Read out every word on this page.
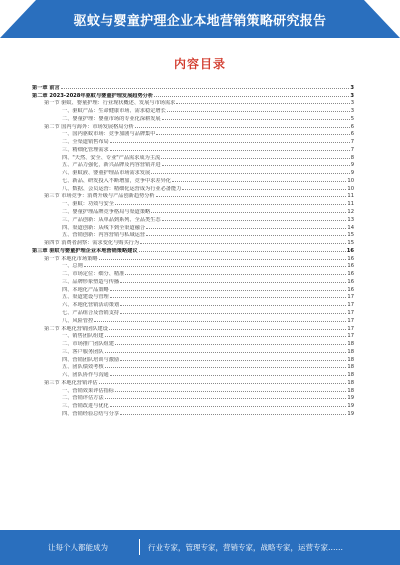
驱蚊与婴童护理企业本地营销策略研究报告
内容目录
第一章 前言	3
第二章 2023-2028年驱蚊与婴童护理发展趋势分析	3
第一节 驱蚊、婴童护理：行业现状概述、发展与市场需求	3
一、驱蚊产品：生命健康市场、需求稳定增长	3
二、婴童护理：婴童市场的专业化深耕发展	5
第二节 国内与海外：市场发展格局分析	6
一、国内驱蚊市场：竞争加剧与品牌集中	6
二、全渠道销售布局	7
三、精细化管理需求	7
四、"天然、安全、专业"产品需求成为主流	8
五、产品力强化，新兴品牌及内容营销并进	9
六、驱蚊液、婴童护理品市场需求发展	9
七、新品、研发投入不断增加，竞争中求差异化	10
八、数据、会员运营：精细化运营成为行业必备能力	10
第三节 市场竞争：消费升级与产品创新趋势分析	11
一、驱蚊：功效与安全	11
二、婴童护理品牌竞争格局与渠道策略	12
三、产品创新：从单品到系列、全品类生态	13
四、渠道创新：从线下到全渠道融合	14
五、营销创新：内容营销与私域运营	15
第四节 消费者洞察：需求变化与购买行为	15
第三章 驱蚊与婴童护理企业本地营销策略建议	16
第一节 本地化市场策略	16
一、总则	16
二、市场定位：细分、精准	16
三、品牌形象塑造与传播	16
四、本地化产品策略	16
五、渠道建设与管理	17
六、本地化营销活动策划	17
七、产品组合及营销支持	17
八、风险管控	17
第二节 本地化营销团队建设	17
一、销售团队组建	17
二、市场推广团队组建	18
三、客户服务团队	18
四、营销团队培训与激励	18
五、团队绩效考核	18
六、团队协作与沟通	18
第三节 本地化营销评估	18
一、营销效果评估指标	18
二、营销评估方法	19
三、营销改进与优化	19
四、营销经验总结与分享	19
让每个人都能成为	行业专家，管理专家，营销专家，战略专家，运营专家……
